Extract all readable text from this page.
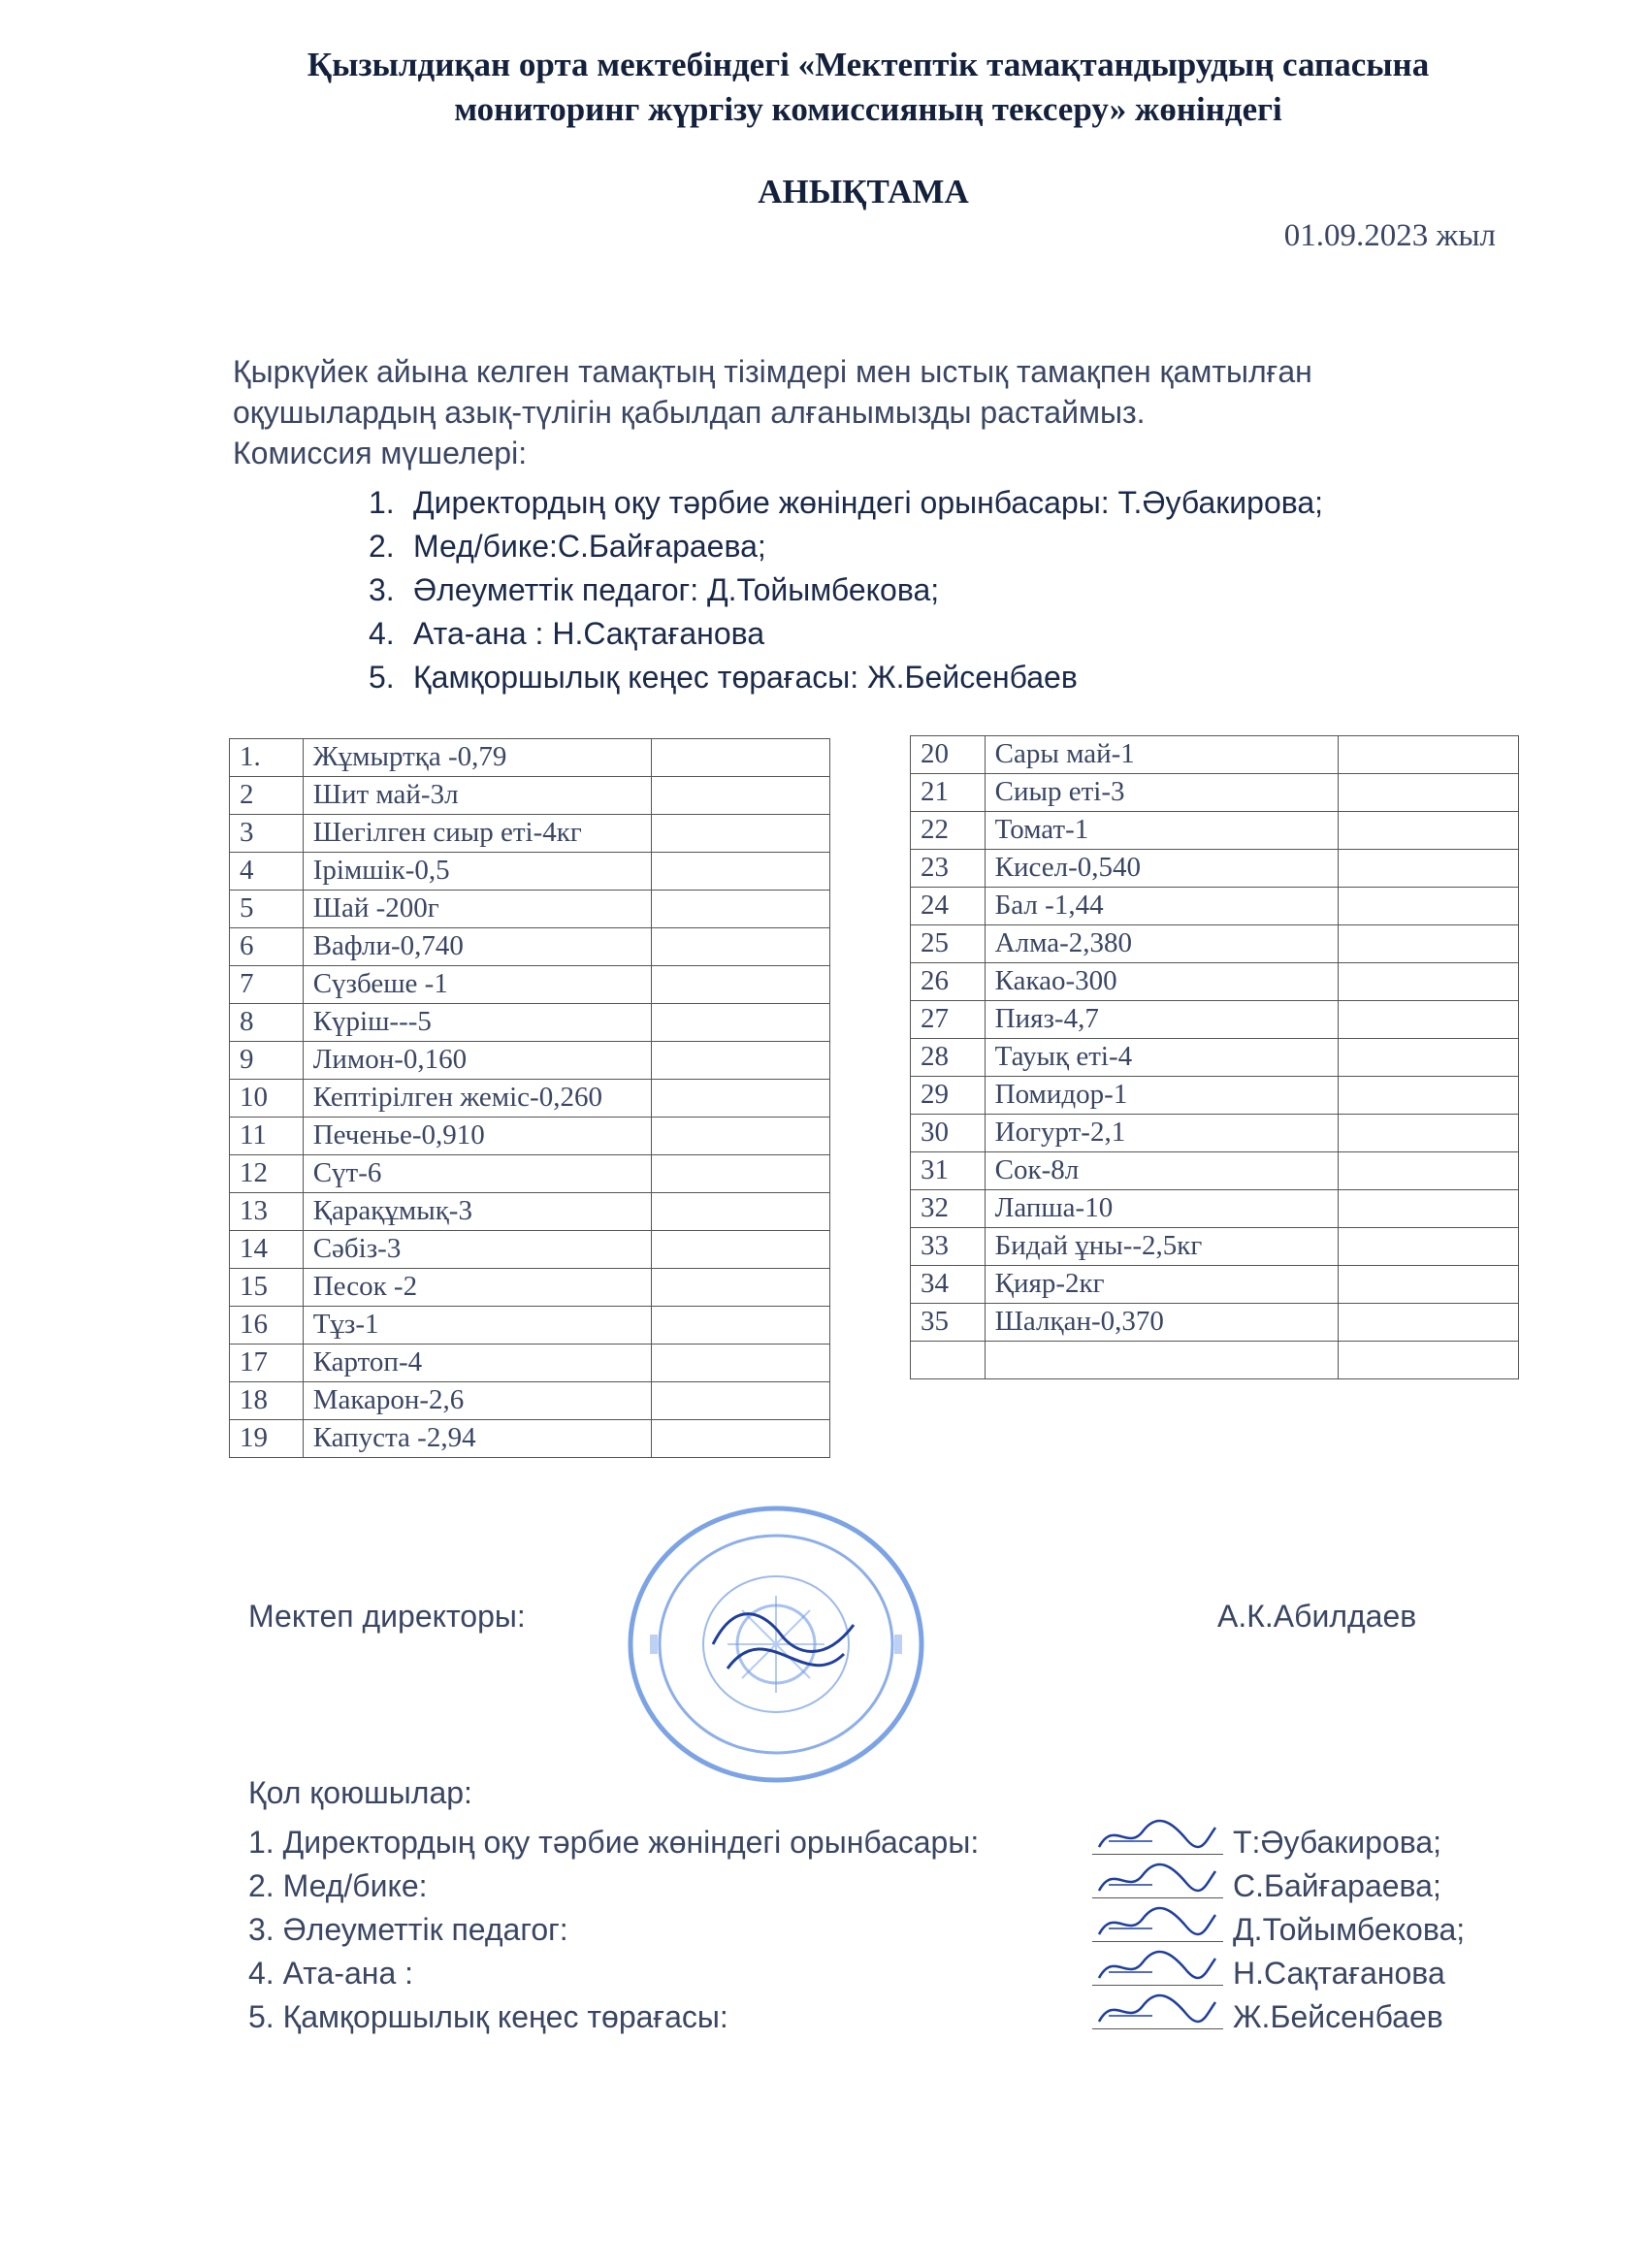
Қызылдиқан орта мектебіндегі «Мектептік тамақтандырудың сапасына
мониторинг жүргізу комиссияның тексеру» жөніндегі
АНЫҚТАМА
01.09.2023 жыл
Қыркүйек айына келген тамақтың тізімдері мен ыстық тамақпен қамтылған
оқушылардың азық-түлігін қабылдап алғанымызды растаймыз.
Комиссия мүшелері:
1. Директордың оқу тәрбие жөніндегі орынбасары: Т.Әубакирова;
2. Мед/бике:С.Байғараева;
3. Әлеуметтік педагог: Д.Тойымбекова;
4. Ата-ана : Н.Сақтағанова
5. Қамқоршылық кеңес төрағасы: Ж.Бейсенбаев
1.	Жұмыртқа -0,79	
2	Шит май-3л	
3	Шегілген сиыр еті-4кг	
4	Ірімшік-0,5	
5	Шай -200г	
6	Вафли-0,740	
7	Сүзбеше -1	
8	Күріш---5	
9	Лимон-0,160	
10	Кептірілген жеміс-0,260	
11	Печенье-0,910	
12	Сүт-6	
13	Қарақұмық-3	
14	Сәбіз-3	
15	Песок -2	
16	Тұз-1	
17	Картоп-4	
18	Макарон-2,6	
19	Капуста -2,94	
20	Сары май-1	
21	Сиыр еті-3	
22	Томат-1	
23	Кисел-0,540	
24	Бал -1,44	
25	Алма-2,380	
26	Какао-300	
27	Пияз-4,7	
28	Тауық еті-4	
29	Помидор-1	
30	Иогурт-2,1	
31	Сок-8л	
32	Лапша-10	
33	Бидай ұны--2,5кг	
34	Қияр-2кг	
35	Шалқан-0,370	

Мектеп директоры:	А.К.Абилдаев
Қол қоюшылар:
1. Директордың оқу тәрбие жөніндегі орынбасары:	Т:Әубакирова;
2. Мед/бике:	С.Байғараева;
3. Әлеуметтік педагог:	Д.Тойымбекова;
4. Ата-ана :	Н.Сақтағанова
5. Қамқоршылық кеңес төрағасы:	Ж.Бейсенбаев
